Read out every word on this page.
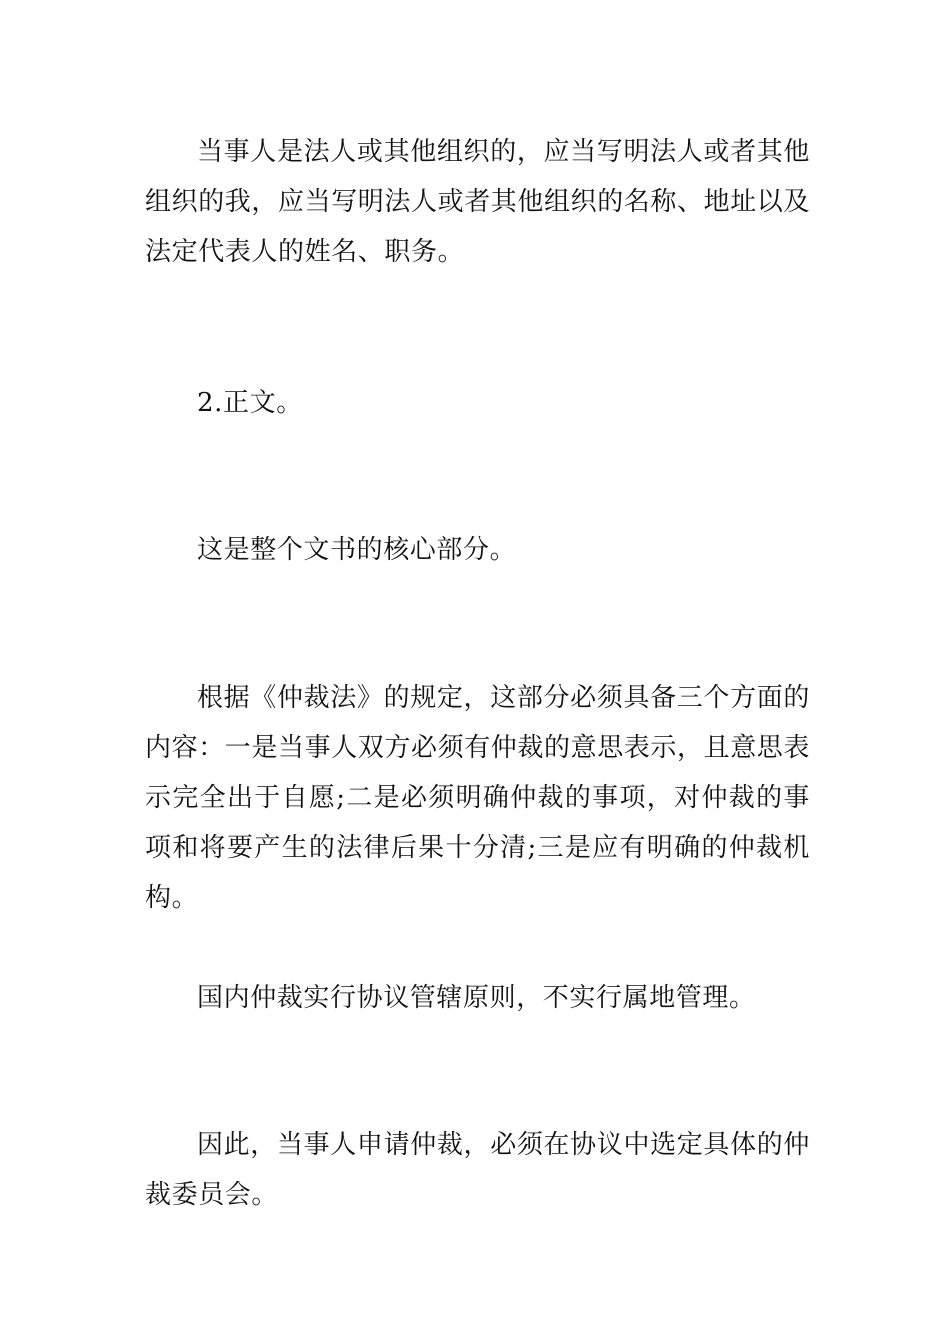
当事人是法人或其他组织的，应当写明法人或者其他组织的我，应当写明法人或者其他组织的名称、地址以及法定代表人的姓名、职务。

2.正文。

这是整个文书的核心部分。

根据《仲裁法》的规定，这部分必须具备三个方面的内容：一是当事人双方必须有仲裁的意思表示，且意思表示完全出于自愿;二是必须明确仲裁的事项，对仲裁的事项和将要产生的法律后果十分清;三是应有明确的仲裁机构。

国内仲裁实行协议管辖原则，不实行属地管理。

因此，当事人申请仲裁，必须在协议中选定具体的仲裁委员会。
